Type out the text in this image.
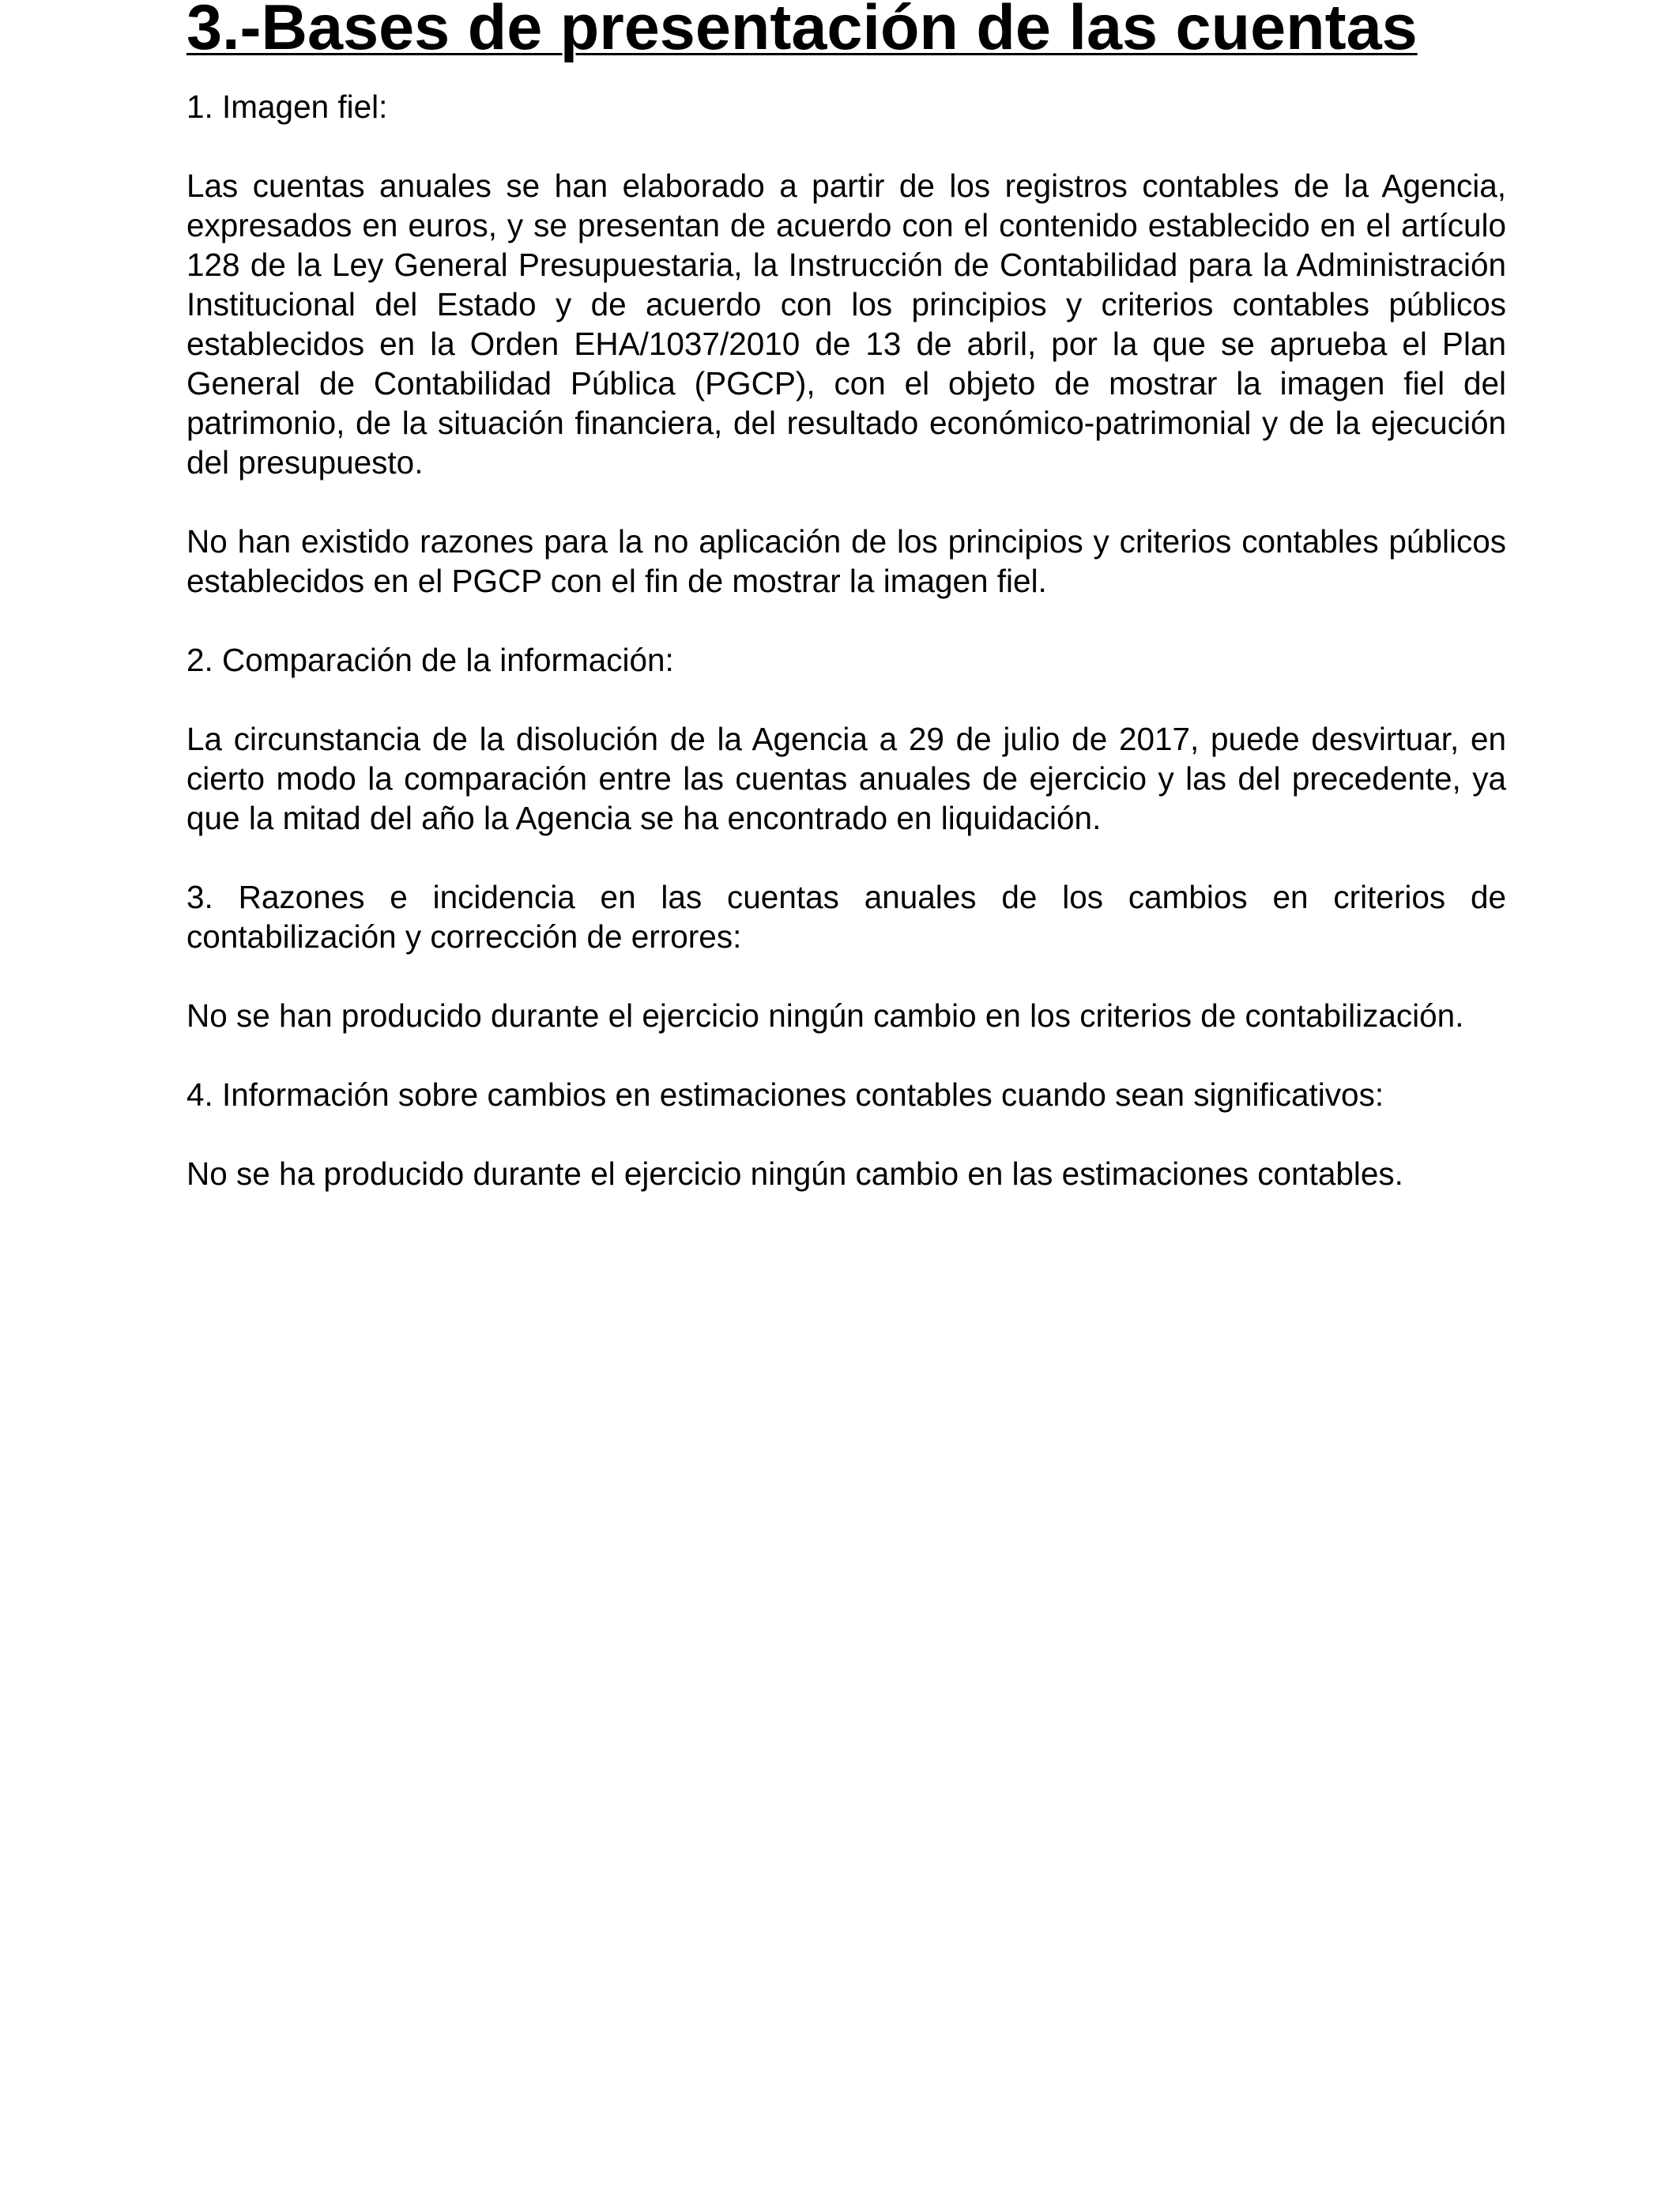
3.-Bases de presentación de las cuentas

1. Imagen fiel:

Las cuentas anuales se han elaborado a partir de los registros contables de la Agencia, expresados en euros, y se presentan de acuerdo con el contenido establecido en el artículo 128 de la Ley General Presupuestaria, la Instrucción de Contabilidad para la Administración Institucional del Estado y de acuerdo con los principios y criterios contables públicos establecidos en la Orden EHA/1037/2010 de 13 de abril, por la que se aprueba el Plan General de Contabilidad Pública (PGCP), con el objeto de mostrar la imagen fiel del patrimonio, de la situación financiera, del resultado económico-patrimonial y de la ejecución del presupuesto.

No han existido razones para la no aplicación de los principios y criterios contables públicos establecidos en el PGCP con el fin de mostrar la imagen fiel.

2. Comparación de la información:

La circunstancia de la disolución de la Agencia a 29 de julio de 2017, puede desvirtuar, en cierto modo la comparación entre las cuentas anuales de ejercicio y las del precedente, ya que la mitad del año la Agencia se ha encontrado en liquidación.

3. Razones e incidencia en las cuentas anuales de los cambios en criterios de contabilización y corrección de errores:

No se han producido durante el ejercicio ningún cambio en los criterios de contabilización.

4. Información sobre cambios en estimaciones contables cuando sean significativos:

No se ha producido durante el ejercicio ningún cambio en las estimaciones contables.
